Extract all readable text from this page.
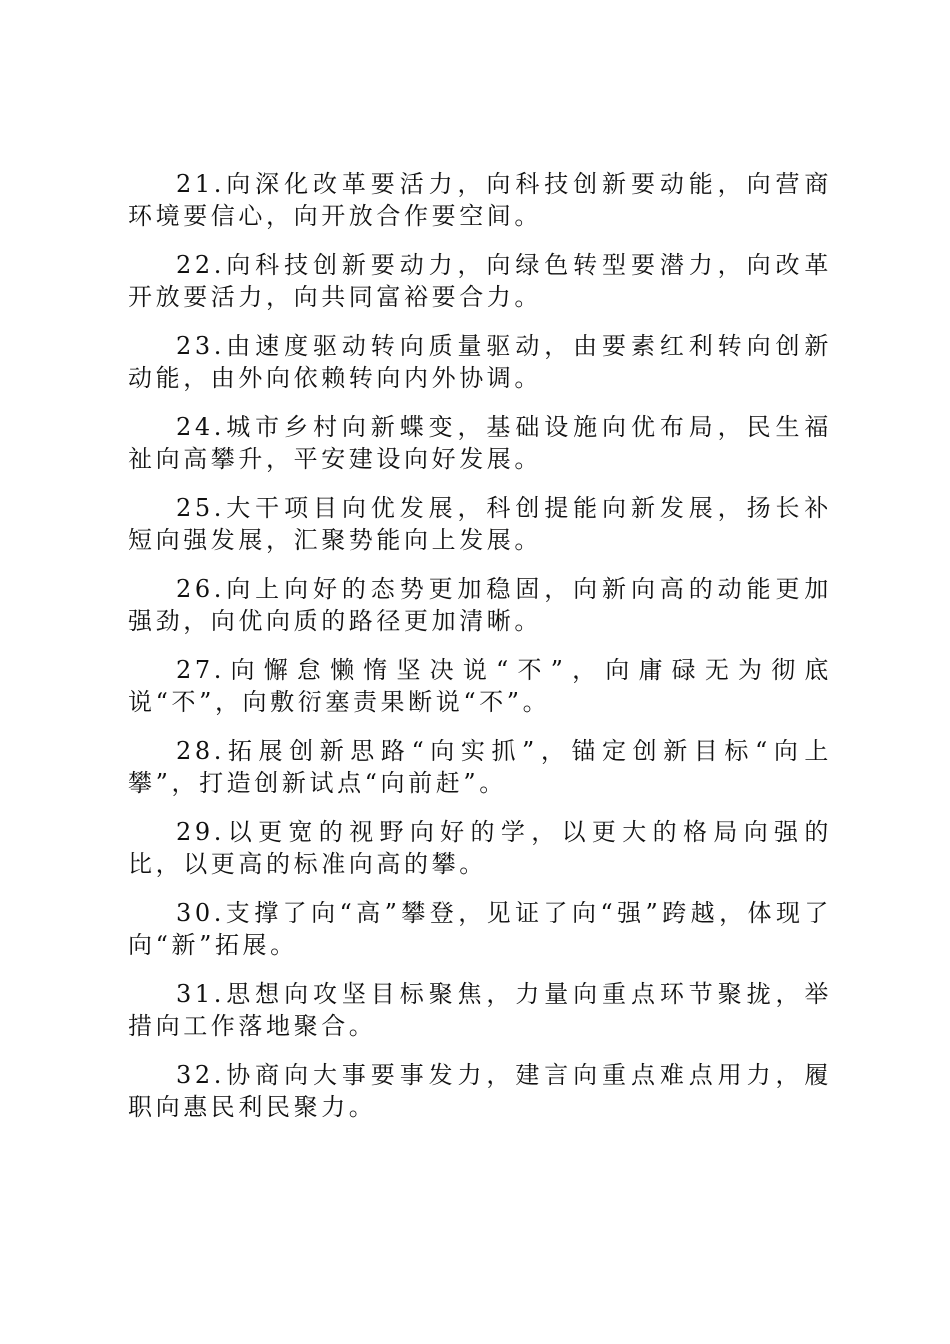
21.向深化改革要活力，向科技创新要动能，向营商环境要信心，向开放合作要空间。

22.向科技创新要动力，向绿色转型要潜力，向改革开放要活力，向共同富裕要合力。

23.由速度驱动转向质量驱动，由要素红利转向创新动能，由外向依赖转向内外协调。

24.城市乡村向新蝶变，基础设施向优布局，民生福祉向高攀升，平安建设向好发展。

25.大干项目向优发展，科创提能向新发展，扬长补短向强发展，汇聚势能向上发展。

26.向上向好的态势更加稳固，向新向高的动能更加强劲，向优向质的路径更加清晰。

27.向懈怠懒惰坚决说“不”，向庸碌无为彻底说“不”，向敷衍塞责果断说“不”。

28.拓展创新思路“向实抓”，锚定创新目标“向上攀”，打造创新试点“向前赶”。

29.以更宽的视野向好的学，以更大的格局向强的比，以更高的标准向高的攀。

30.支撑了向“高”攀登，见证了向“强”跨越，体现了向“新”拓展。

31.思想向攻坚目标聚焦，力量向重点环节聚拢，举措向工作落地聚合。

32.协商向大事要事发力，建言向重点难点用力，履职向惠民利民聚力。
